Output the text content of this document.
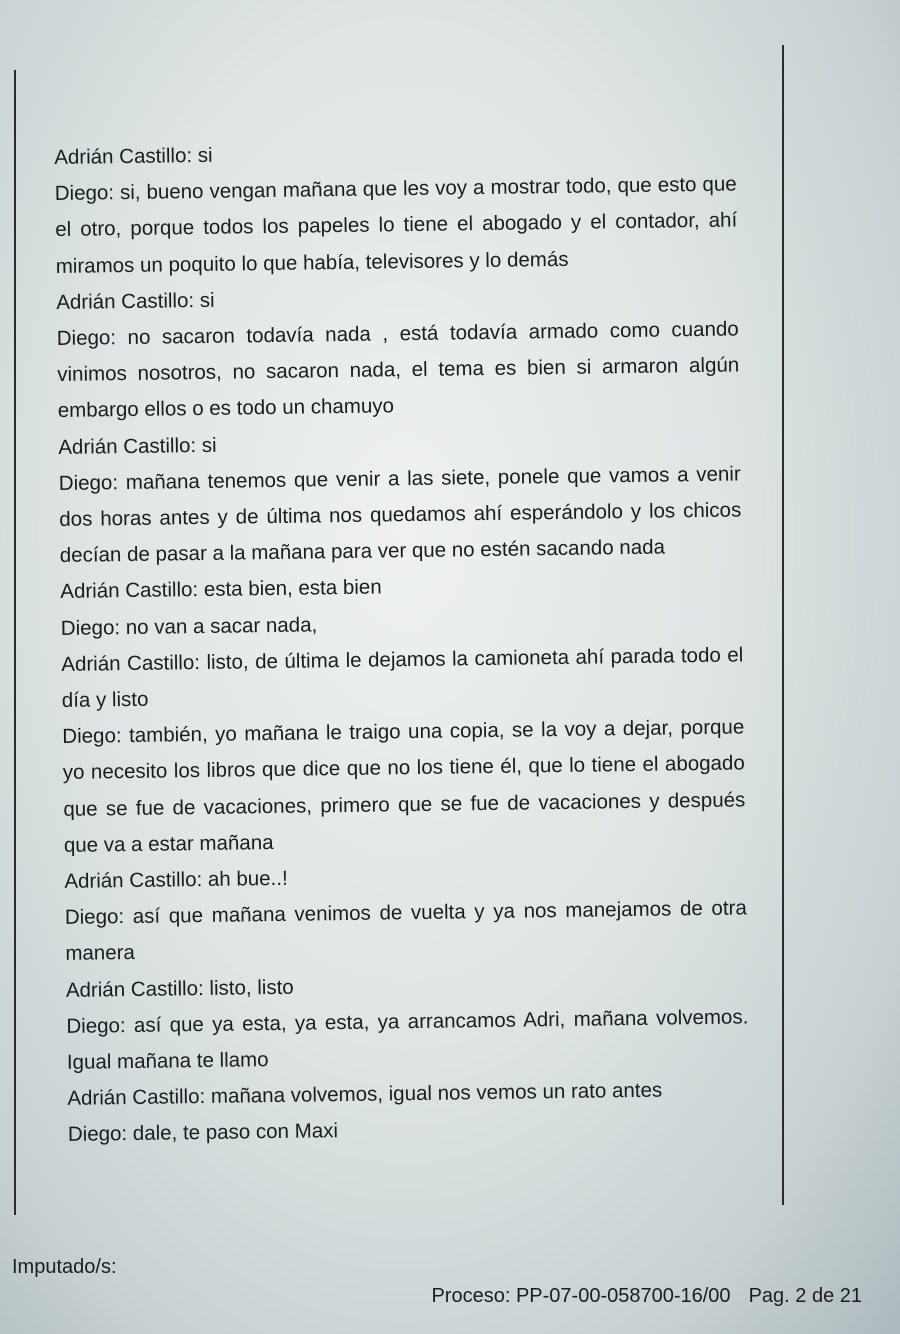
Adrián Castillo: si

Diego: si, bueno vengan mañana que les voy a mostrar todo, que esto que el otro, porque todos los papeles lo tiene el abogado y el contador, ahí miramos un poquito lo que había, televisores y lo demás

Adrián Castillo: si

Diego: no sacaron todavía nada , está todavía armado como cuando vinimos nosotros, no sacaron nada, el tema es bien si armaron algún embargo ellos o es todo un chamuyo

Adrián Castillo: si

Diego: mañana tenemos que venir a las siete, ponele que vamos a venir dos horas antes y de última nos quedamos ahí esperándolo y los chicos decían de pasar a la mañana para ver que no estén sacando nada

Adrián Castillo: esta bien, esta bien

Diego: no van a sacar nada,

Adrián Castillo: listo, de última le dejamos la camioneta ahí parada todo el día y listo

Diego: también, yo mañana le traigo una copia, se la voy a dejar, porque yo necesito los libros que dice que no los tiene él, que lo tiene el abogado que se fue de vacaciones, primero que se fue de vacaciones y después que va a estar mañana

Adrián Castillo: ah bue..!

Diego: así que mañana venimos de vuelta y ya nos manejamos de otra manera

Adrián Castillo: listo, listo

Diego: así que ya esta, ya esta, ya arrancamos Adri, mañana volvemos. Igual mañana te llamo

Adrián Castillo: mañana volvemos, igual nos vemos un rato antes

Diego: dale, te paso con Maxi

Imputado/s:
Proceso: PP-07-00-058700-16/00 Pag. 2 de 21
